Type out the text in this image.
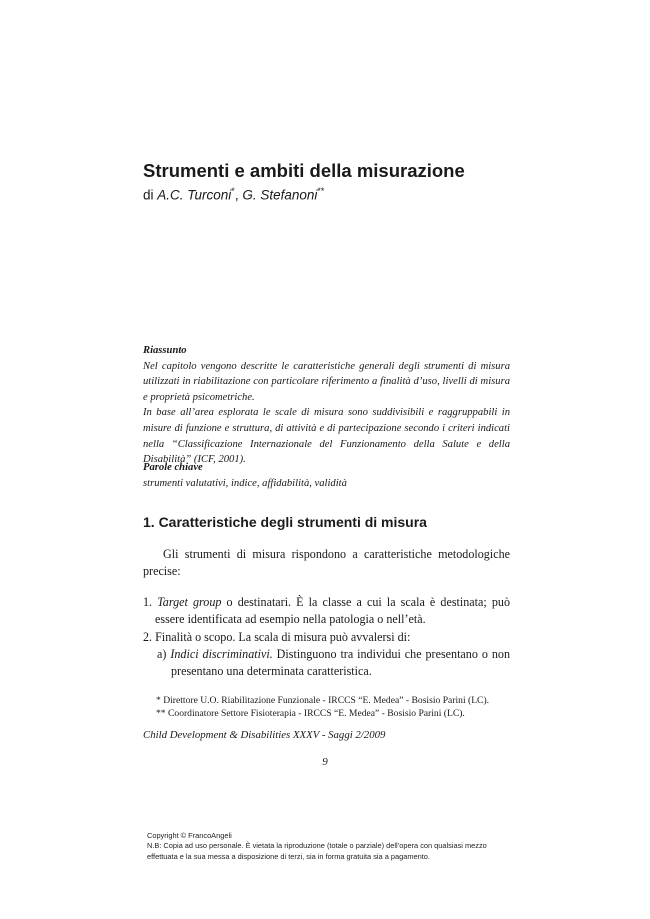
Strumenti e ambiti della misurazione
di A.C. Turconi*, G. Stefanoni**
Riassunto

Nel capitolo vengono descritte le caratteristiche generali degli strumenti di misura utilizzati in riabilitazione con particolare riferimento a finalità d’uso, livelli di misura e proprietà psicometriche.

In base all’area esplorata le scale di misura sono suddivisibili e raggruppabili in misure di funzione e struttura, di attività e di partecipazione secondo i criteri indicati nella “Classificazione Internazionale del Funzionamento della Salute e della Disabilità” (ICF, 2001).

Parole chiave
strumenti valutativi, indice, affidabilità, validità
1. Caratteristiche degli strumenti di misura

Gli strumenti di misura rispondono a caratteristiche metodologiche precise:

1. Target group o destinatari. È la classe a cui la scala è destinata; può essere identificata ad esempio nella patologia o nell’età.

2. Finalità o scopo. La scala di misura può avvalersi di:

a) Indici discriminativi. Distinguono tra individui che presentano o non presentano una determinata caratteristica.

* Direttore U.O. Riabilitazione Funzionale - IRCCS “E. Medea” - Bosisio Parini (LC).
** Coordinatore Settore Fisioterapia - IRCCS “E. Medea” - Bosisio Parini (LC).
Child Development & Disabilities XXXV - Saggi 2/2009
9
Copyright © FrancoAngeli
N.B: Copia ad uso personale. È vietata la riproduzione (totale o parziale) dell’opera con qualsiasi mezzo
effettuata e la sua messa a disposizione di terzi, sia in forma gratuita sia a pagamento.
